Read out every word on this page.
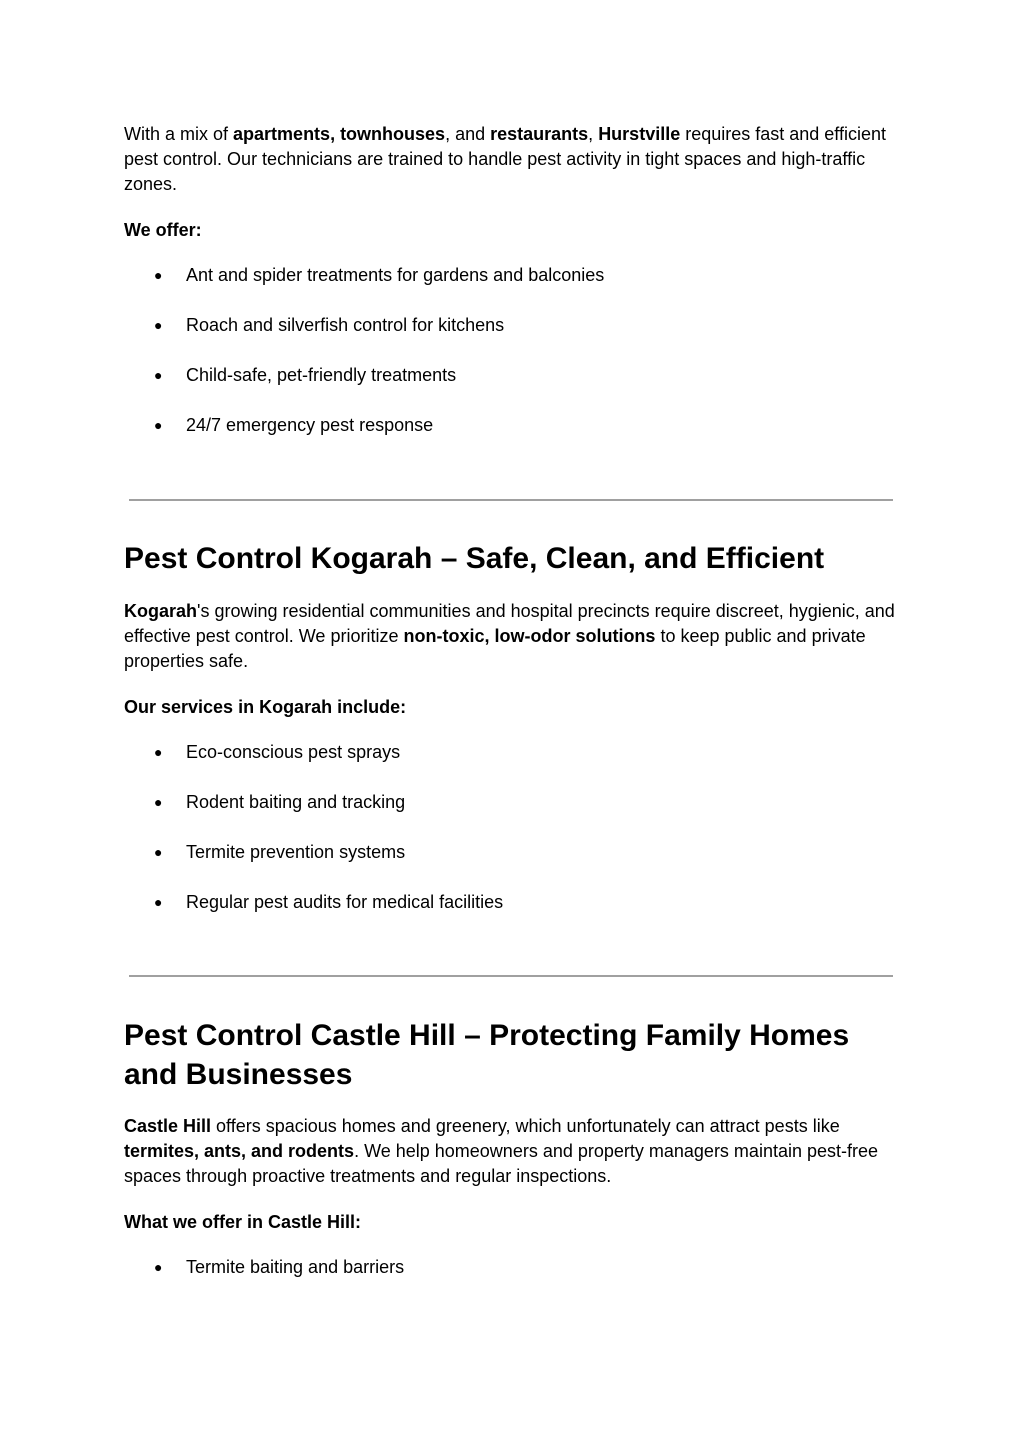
With a mix of apartments, townhouses, and restaurants, Hurstville requires fast and efficient pest control. Our technicians are trained to handle pest activity in tight spaces and high-traffic zones.

We offer:

● Ant and spider treatments for gardens and balconies
● Roach and silverfish control for kitchens
● Child-safe, pet-friendly treatments
● 24/7 emergency pest response
Pest Control Kogarah – Safe, Clean, and Efficient

Kogarah's growing residential communities and hospital precincts require discreet, hygienic, and effective pest control. We prioritize non-toxic, low-odor solutions to keep public and private properties safe.

Our services in Kogarah include:

● Eco-conscious pest sprays
● Rodent baiting and tracking
● Termite prevention systems
● Regular pest audits for medical facilities
Pest Control Castle Hill – Protecting Family Homes and Businesses

Castle Hill offers spacious homes and greenery, which unfortunately can attract pests like termites, ants, and rodents. We help homeowners and property managers maintain pest-free spaces through proactive treatments and regular inspections.

What we offer in Castle Hill:

● Termite baiting and barriers
